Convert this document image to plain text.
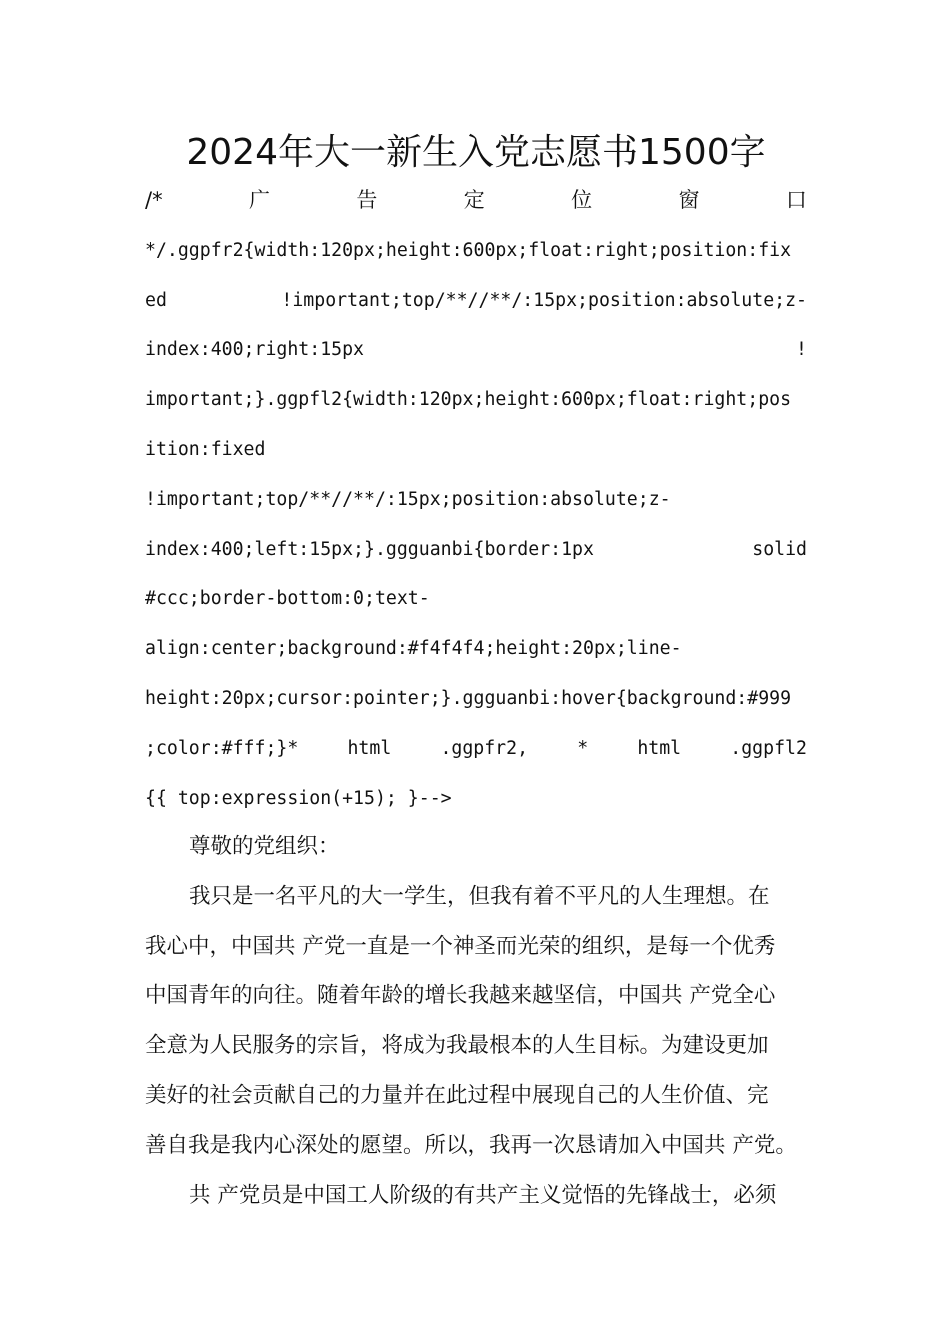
2024年大一新生入党志愿书1500字
/*	广	告	定	位	窗	口
*/.ggpfr2{width:120px;height:600px;float:right;position:fix
ed	!important;top/**//**/:15px;position:absolute;z-
index:400;right:15px	!
important;}.ggpfl2{width:120px;height:600px;float:right;pos
ition:fixed
!important;top/**//**/:15px;position:absolute;z-
index:400;left:15px;}.ggguanbi{border:1px	solid
#ccc;border-bottom:0;text-
align:center;background:#f4f4f4;height:20px;line-
height:20px;cursor:pointer;}.ggguanbi:hover{background:#999
;color:#fff;}*	html	.ggpfr2,	*	html	.ggpfl2
{{ top:expression(+15); }-->
尊敬的党组织：
我只是一名平凡的大一学生，但我有着不平凡的人生理想。在
我心中，中国共 产党一直是一个神圣而光荣的组织，是每一个优秀
中国青年的向往。随着年龄的增长我越来越坚信，中国共 产党全心
全意为人民服务的宗旨，将成为我最根本的人生目标。为建设更加
美好的社会贡献自己的力量并在此过程中展现自己的人生价值、完
善自我是我内心深处的愿望。所以，我再一次恳请加入中国共 产党。
共 产党员是中国工人阶级的有共产主义觉悟的先锋战士，必须
